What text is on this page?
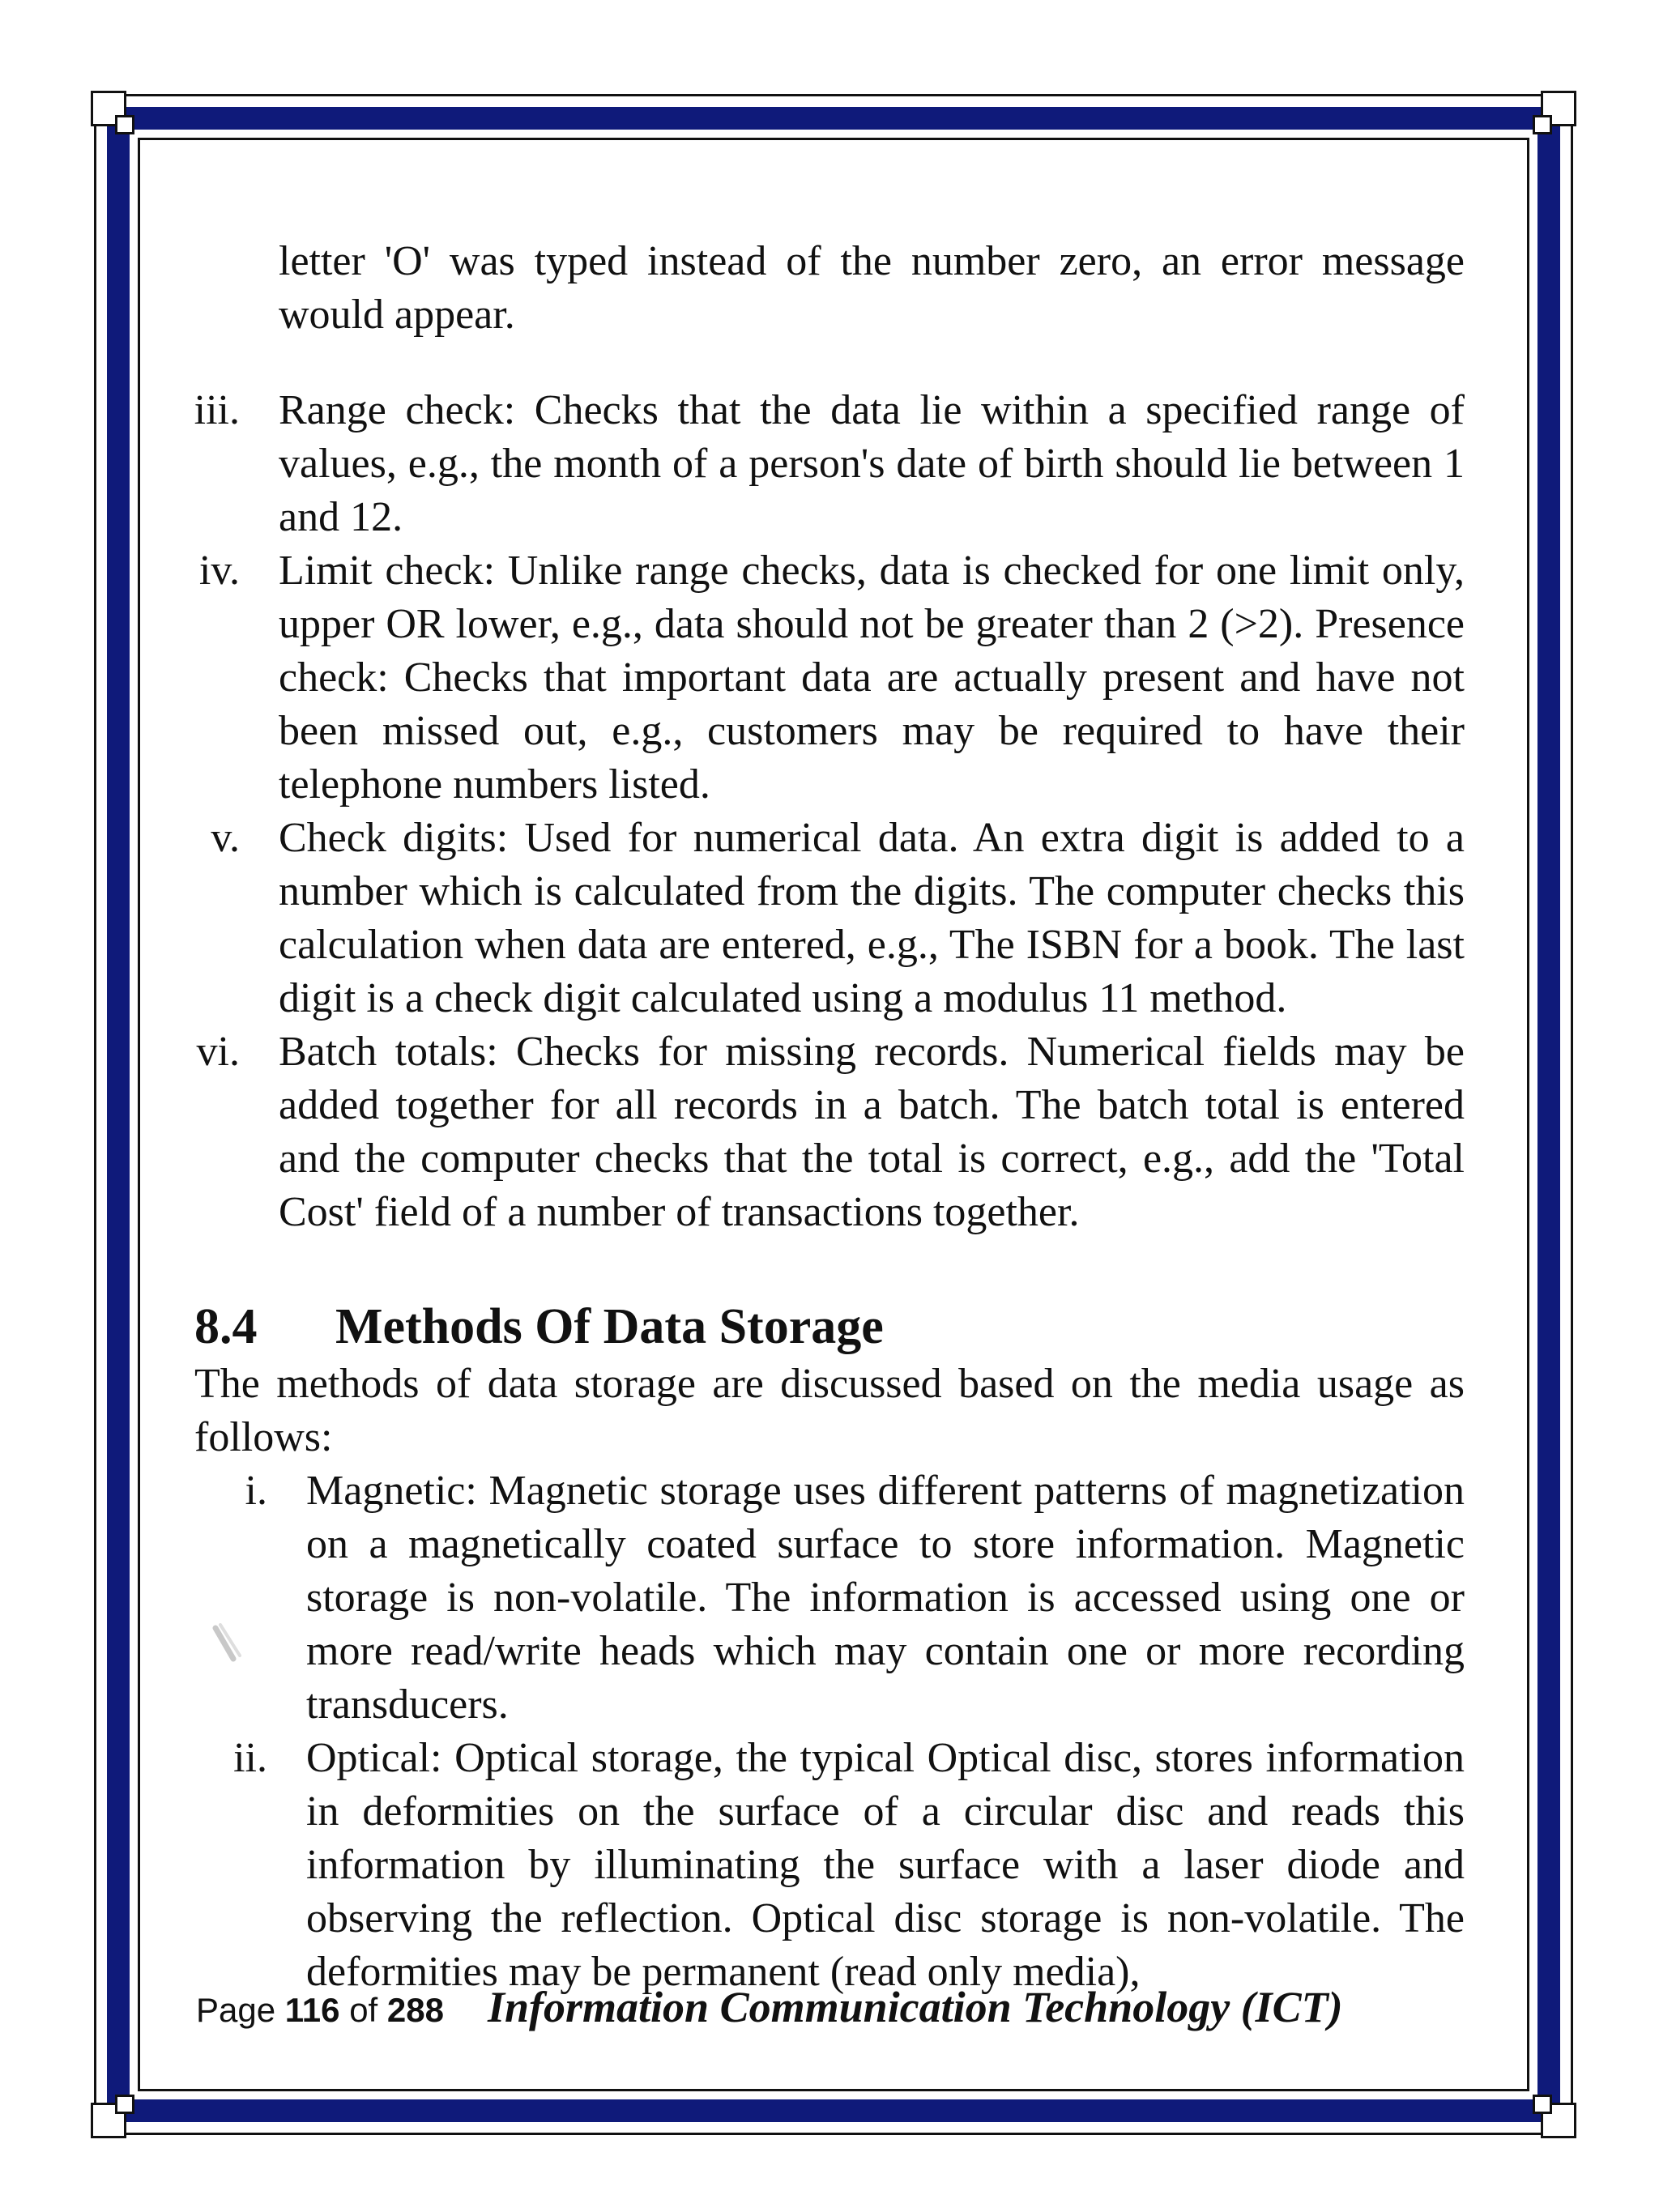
letter 'O' was typed instead of the number zero, an error message would appear.

iii. Range check: Checks that the data lie within a specified range of values, e.g., the month of a person's date of birth should lie between 1 and 12.
iv. Limit check: Unlike range checks, data is checked for one limit only, upper OR lower, e.g., data should not be greater than 2 (>2). Presence check: Checks that important data are actually present and have not been missed out, e.g., customers may be required to have their telephone numbers listed.
v. Check digits: Used for numerical data. An extra digit is added to a number which is calculated from the digits. The computer checks this calculation when data are entered, e.g., The ISBN for a book. The last digit is a check digit calculated using a modulus 11 method.
vi. Batch totals: Checks for missing records. Numerical fields may be added together for all records in a batch. The batch total is entered and the computer checks that the total is correct, e.g., add the 'Total Cost' field of a number of transactions together.
8.4	Methods Of Data Storage

The methods of data storage are discussed based on the media usage as follows:

i. Magnetic: Magnetic storage uses different patterns of magnetization on a magnetically coated surface to store information. Magnetic storage is non-volatile. The information is accessed using one or more read/write heads which may contain one or more recording transducers.
ii. Optical: Optical storage, the typical Optical disc, stores information in deformities on the surface of a circular disc and reads this information by illuminating the surface with a laser diode and observing the reflection. Optical disc storage is non-volatile. The deformities may be permanent (read only media),
Page 116 of 288 Information Communication Technology (ICT)
